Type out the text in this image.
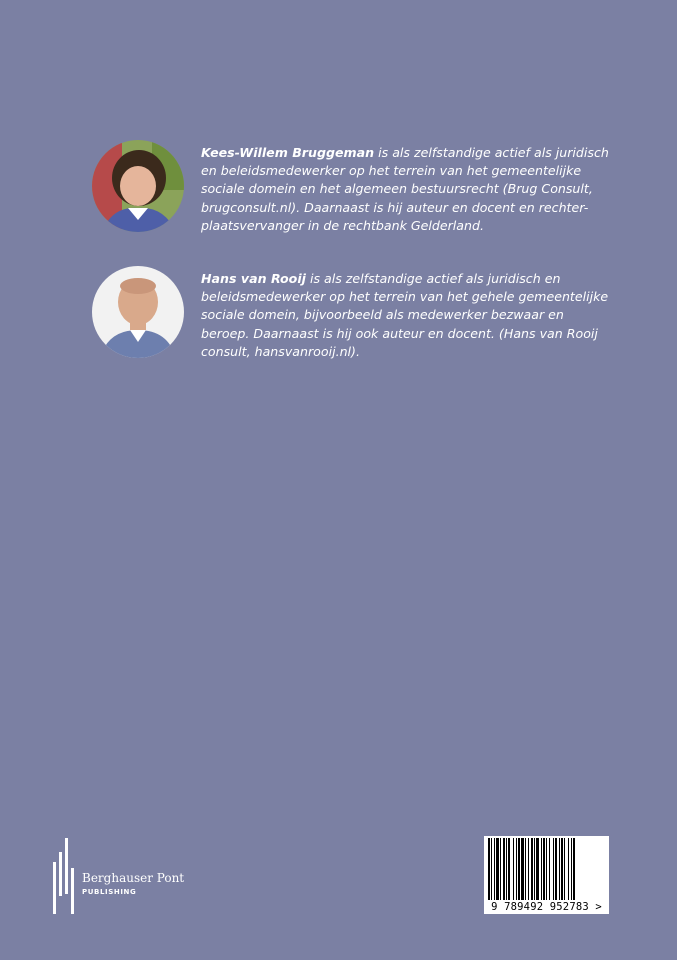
Kees-Willem Bruggeman is als zelfstandige actief als juridisch en beleidsmedewerker op het terrein van het gemeentelijke sociale domein en het algemeen bestuursrecht (Brug Consult, brugconsult.nl). Daarnaast is hij auteur en docent en rechter-plaatsvervanger in de rechtbank Gelderland.
Hans van Rooij is als zelfstandige actief als juridisch en beleidsmedewerker op het terrein van het gehele gemeentelijke sociale domein, bijvoorbeeld als medewerker bezwaar en beroep. Daarnaast is hij ook auteur en docent. (Hans van Rooij consult, hansvanrooij.nl).
Berghauser Pont
PUBLISHING
9 789492 952783 >
